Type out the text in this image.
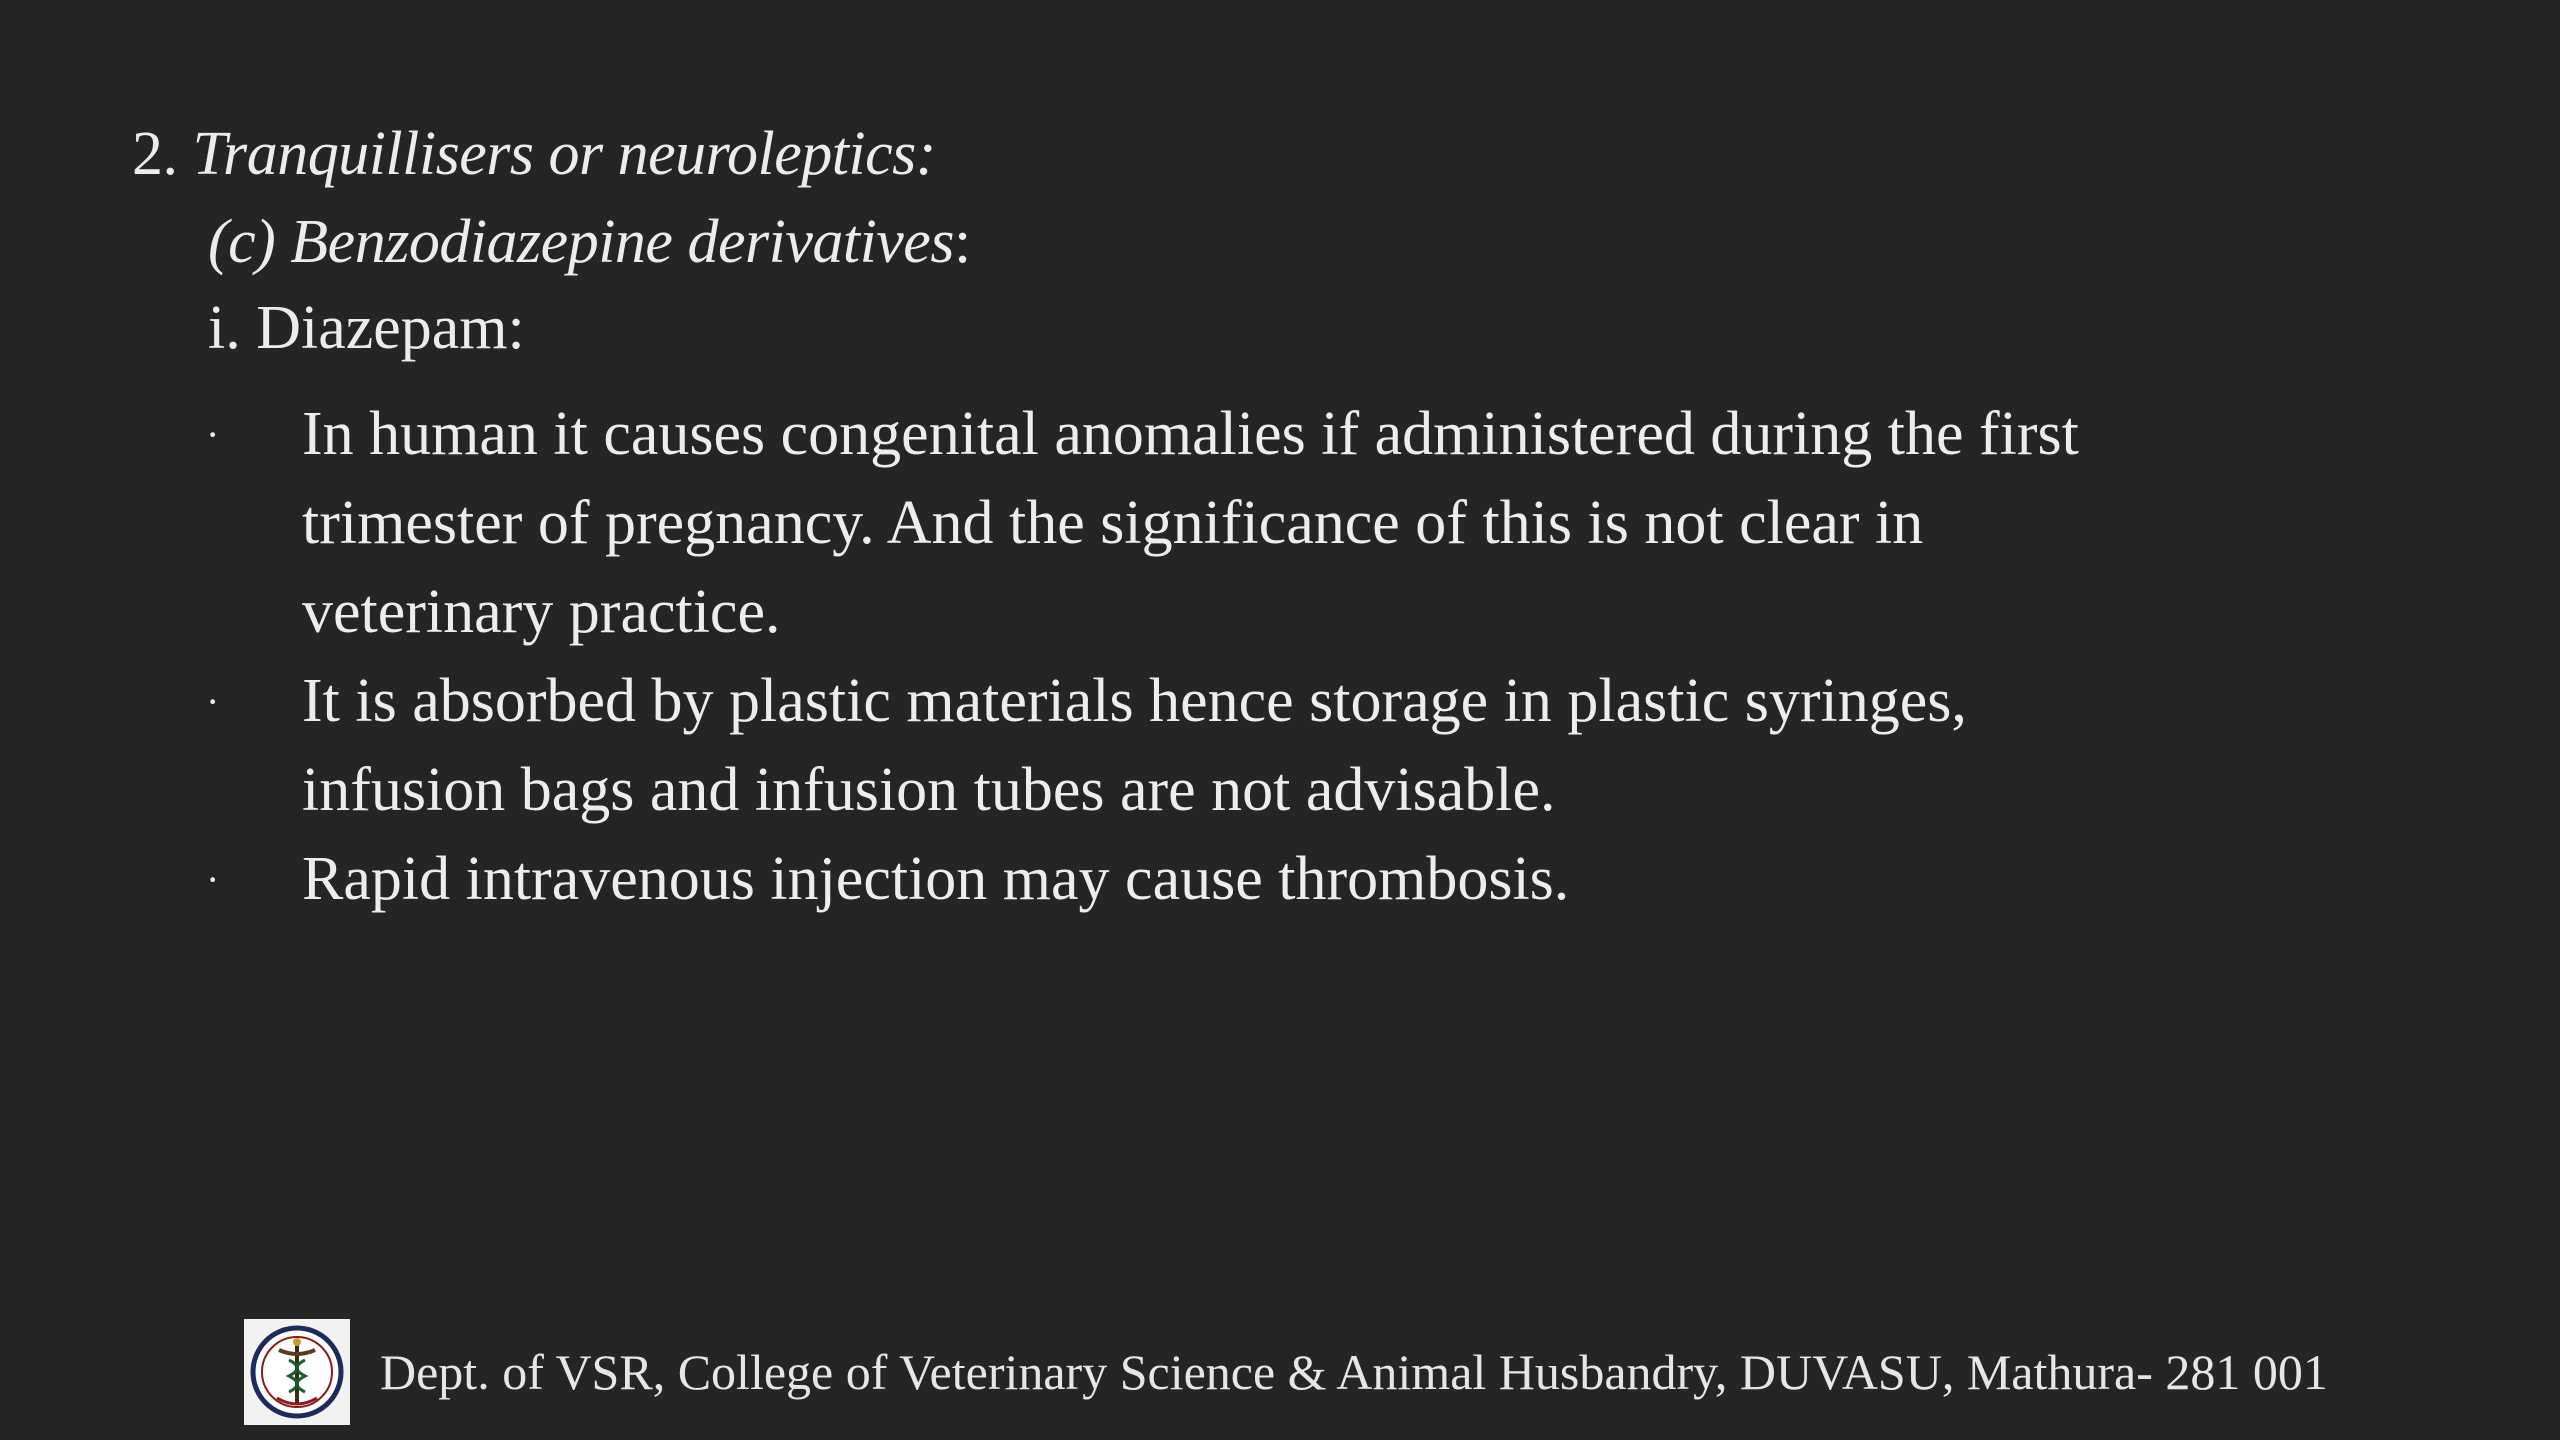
2. Tranquillisers or neuroleptics:
(c) Benzodiazepine derivatives:
i. Diazepam:
· In human it causes congenital anomalies if administered during the first
trimester of pregnancy. And the significance of this is not clear in
veterinary practice.
· It is absorbed by plastic materials hence storage in plastic syringes,
infusion bags and infusion tubes are not advisable.
· Rapid intravenous injection may cause thrombosis.
Dept. of VSR, College of Veterinary Science & Animal Husbandry, DUVASU, Mathura- 281 001
